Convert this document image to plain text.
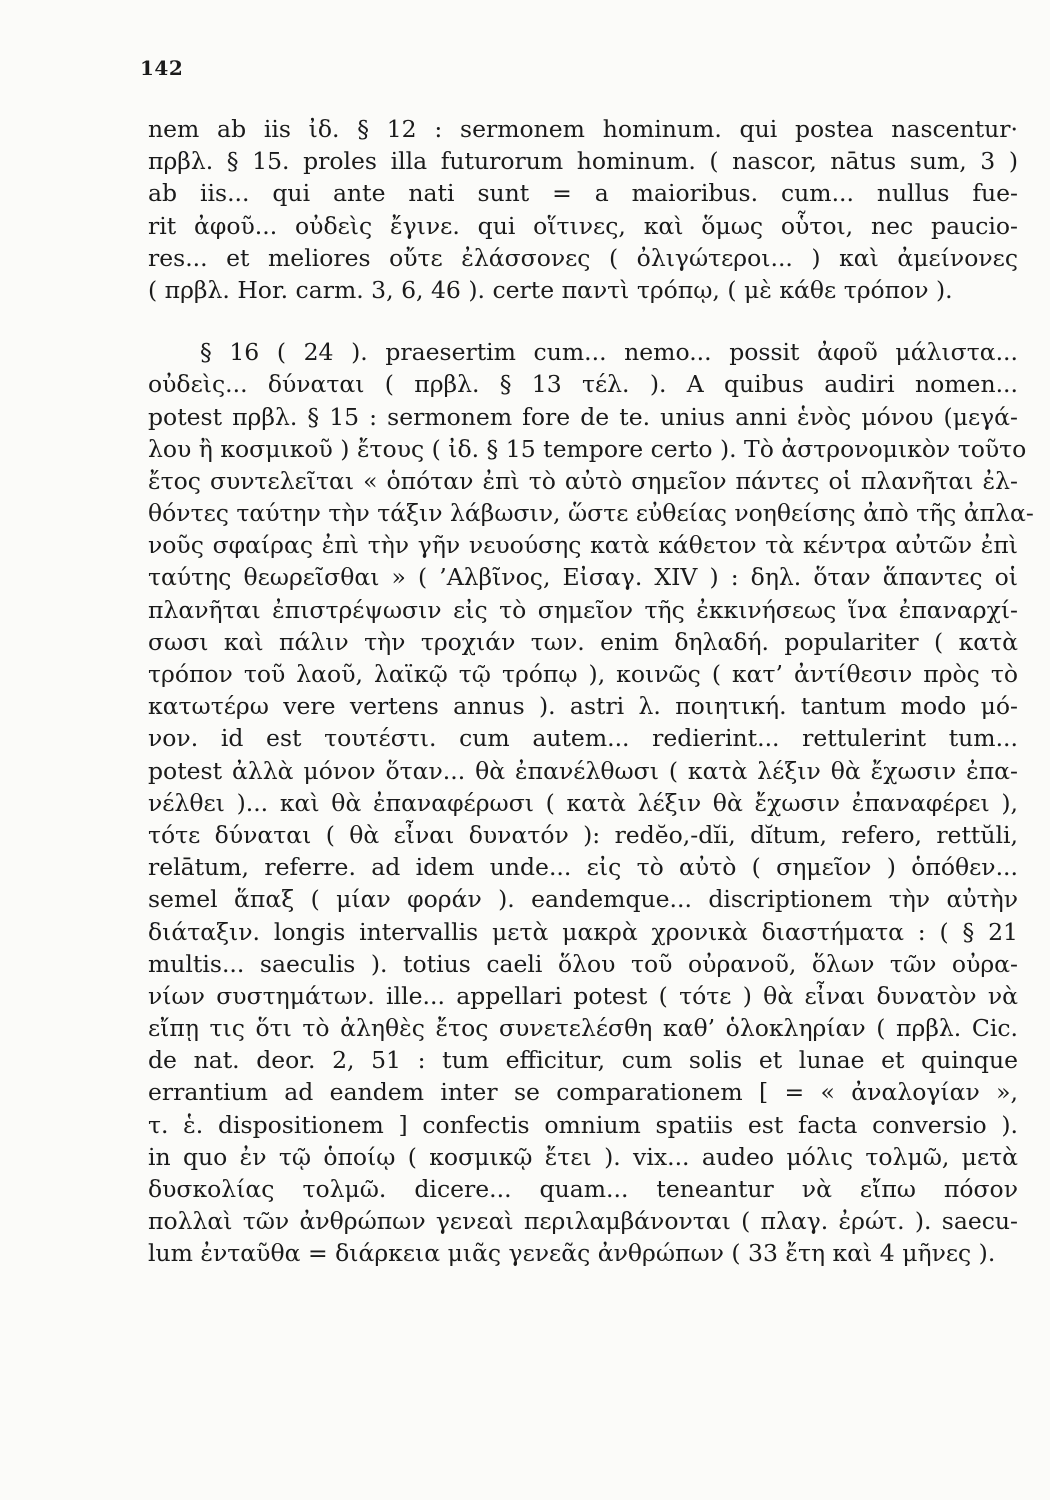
142
nem ab iis ἰδ. § 12 : sermonem hominum. qui postea nascentur·
πρβλ. § 15. proles illa futurorum hominum. ( nascor, nātus sum, 3 )
ab iis... qui ante nati sunt = a maioribus. cum... nullus fue-
rit ἀφοῦ... οὐδεὶς ἔγινε. qui οἵτινες, καὶ ὅμως οὗτοι, nec paucio-
res... et meliores οὔτε ἐλάσσονες ( ὀλιγώτεροι... ) καὶ ἀμείνονες
( πρβλ. Hor. carm. 3, 6, 46 ). certe παντὶ τρόπῳ, ( μὲ κάθε τρόπον ).
§ 16 ( 24 ). praesertim cum... nemo... possit ἀφοῦ μάλιστα...
οὐδεὶς... δύναται ( πρβλ. § 13 τέλ. ). A quibus audiri nomen...
potest πρβλ. § 15 : sermonem fore de te. unius anni ἑνὸς μόνου (μεγά-
λου ἢ κοσμικοῦ ) ἔτους ( ἰδ. § 15 tempore certo ). Τὸ ἀστρονομικὸν τοῦτο
ἔτος συντελεῖται « ὁπόταν ἐπὶ τὸ αὐτὸ σημεῖον πάντες οἱ πλανῆται ἐλ-
θόντες ταύτην τὴν τάξιν λάβωσιν, ὥστε εὐθείας νοηθείσης ἀπὸ τῆς ἀπλα-
νοῦς σφαίρας ἐπὶ τὴν γῆν νευούσης κατὰ κάθετον τὰ κέντρα αὐτῶν ἐπὶ
ταύτης θεωρεῖσθαι » ( ’Αλβῖνος, Εἰσαγ. XIV ) : δηλ. ὅταν ἅπαντες οἱ
πλανῆται ἐπιστρέψωσιν εἰς τὸ σημεῖον τῆς ἐκκινήσεως ἵνα ἐπαναρχί-
σωσι καὶ πάλιν τὴν τροχιάν των. enim δηλαδή. populariter ( κατὰ
τρόπον τοῦ λαοῦ, λαϊκῷ τῷ τρόπῳ ), κοινῶς ( κατ’ ἀντίθεσιν πρὸς τὸ
κατωτέρω vere vertens annus ). astri λ. ποιητική. tantum modo μό-
νον. id est τουτέστι. cum autem... redierint... rettulerint tum...
potest ἀλλὰ μόνον ὅταν... θὰ ἐπανέλθωσι ( κατὰ λέξιν θὰ ἔχωσιν ἐπα-
νέλθει )... καὶ θὰ ἐπαναφέρωσι ( κατὰ λέξιν θὰ ἔχωσιν ἐπαναφέρει ),
τότε δύναται ( θὰ εἶναι δυνατόν ): redĕo,-dĭi, dĭtum, refero, rettŭli,
relātum, referre. ad idem unde... εἰς τὸ αὐτὸ ( σημεῖον ) ὁπόθεν...
semel ἅπαξ ( μίαν φοράν ). eandemque... discriptionem τὴν αὐτὴν
διάταξιν. longis intervallis μετὰ μακρὰ χρονικὰ διαστήματα : ( § 21
multis... saeculis ). totius caeli ὅλου τοῦ οὐρανοῦ, ὅλων τῶν οὐρα-
νίων συστημάτων. ille... appellari potest ( τότε ) θὰ εἶναι δυνατὸν νὰ
εἴπῃ τις ὅτι τὸ ἀληθὲς ἔτος συνετελέσθη καθ’ ὁλοκληρίαν ( πρβλ. Cic.
de nat. deor. 2, 51 : tum efficitur, cum solis et lunae et quinque
errantium ad eandem inter se comparationem [ = « ἀναλογίαν »,
τ. ἑ. dispositionem ] confectis omnium spatiis est facta conversio ).
in quo ἐν τῷ ὁποίῳ ( κοσμικῷ ἔτει ). vix... audeo μόλις τολμῶ, μετὰ
δυσκολίας τολμῶ. dicere... quam... teneantur νὰ εἴπω πόσον
πολλαὶ τῶν ἀνθρώπων γενεαὶ περιλαμβάνονται ( πλαγ. ἐρώτ. ). saecu-
lum ἐνταῦθα = διάρκεια μιᾶς γενεᾶς ἀνθρώπων ( 33 ἔτη καὶ 4 μῆνες ).
